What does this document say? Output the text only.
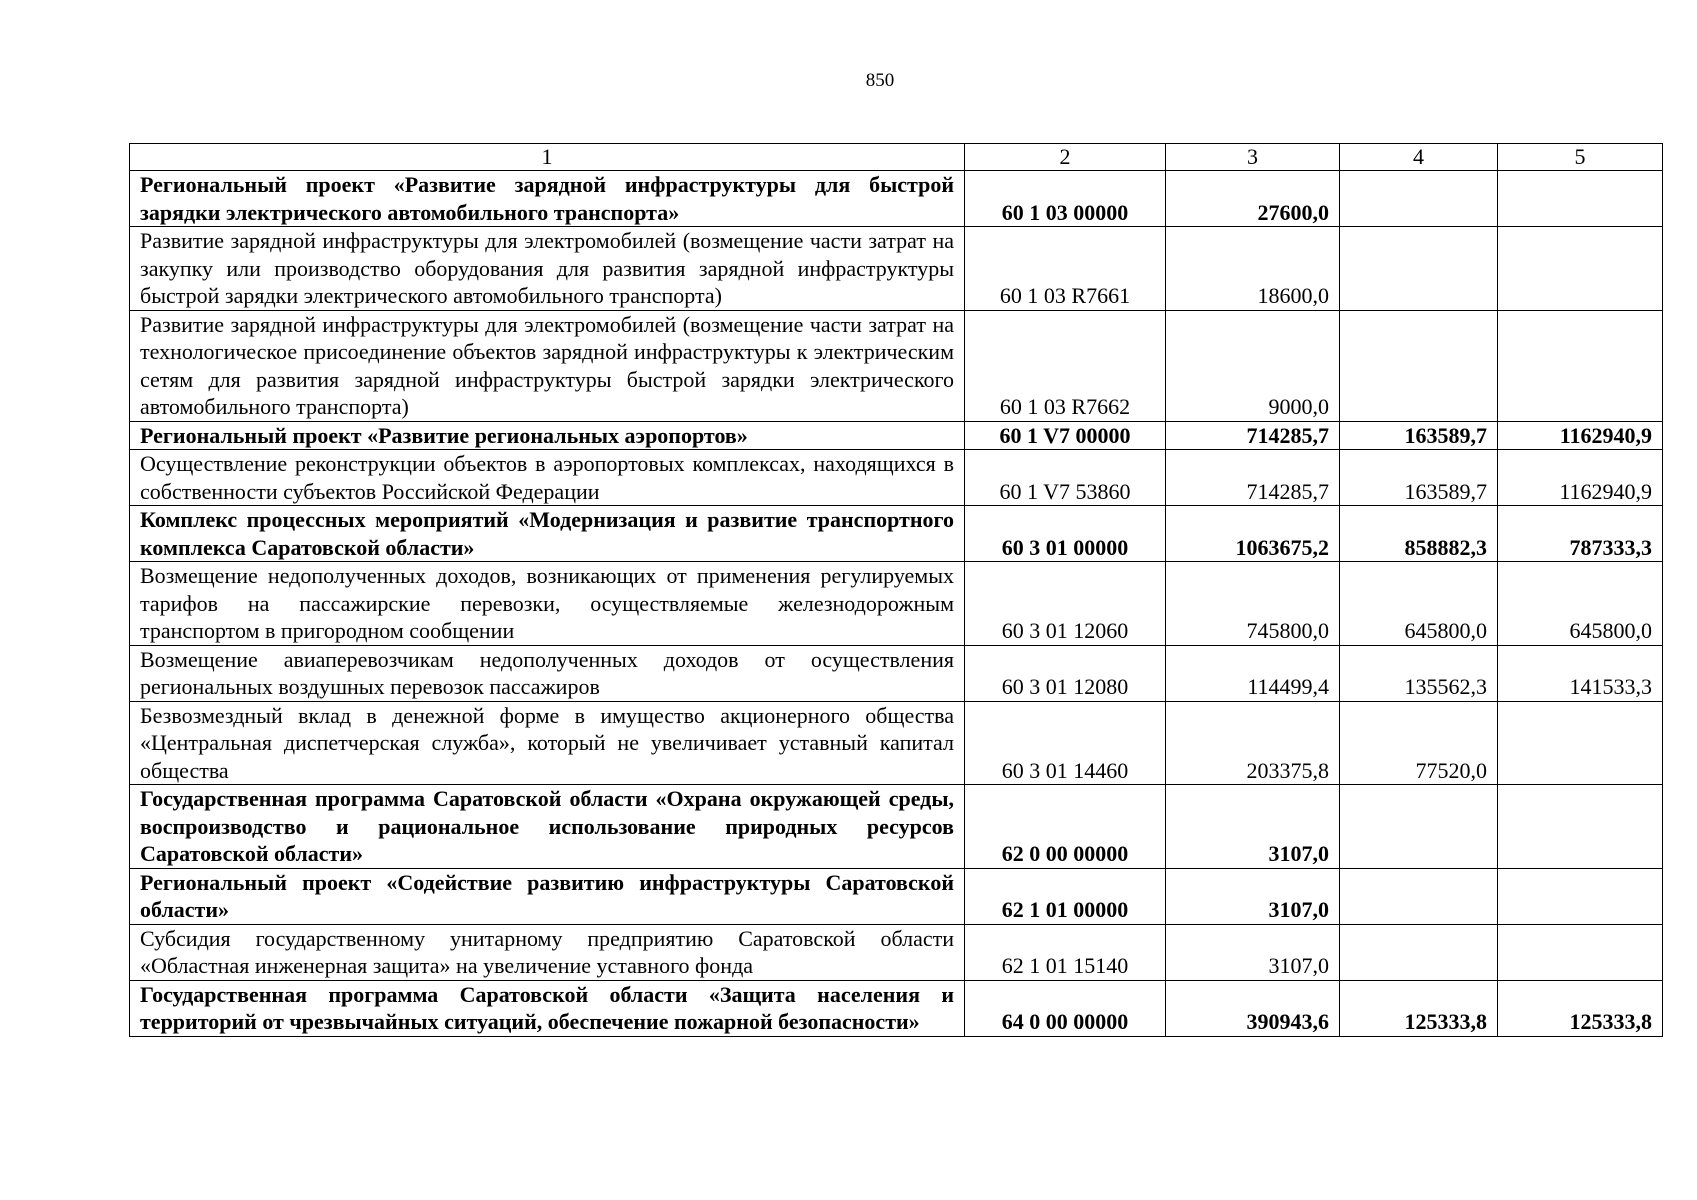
850
1	2	3	4	5
Региональный проект «Развитие зарядной инфраструктуры для быстрой зарядки электрического автомобильного транспорта»	60 1 03 00000	27600,0		
Развитие зарядной инфраструктуры для электромобилей (возмещение части затрат на закупку или производство оборудования для развития зарядной инфраструктуры быстрой зарядки электрического автомобильного транспорта)	60 1 03 R7661	18600,0		
Развитие зарядной инфраструктуры для электромобилей (возмещение части затрат на технологическое присоединение объектов зарядной инфраструктуры к электрическим сетям для развития зарядной инфраструктуры быстрой зарядки электрического автомобильного транспорта)	60 1 03 R7662	9000,0		
Региональный проект «Развитие региональных аэропортов»	60 1 V7 00000	714285,7	163589,7	1162940,9
Осуществление реконструкции объектов в аэропортовых комплексах, находящихся в собственности субъектов Российской Федерации	60 1 V7 53860	714285,7	163589,7	1162940,9
Комплекс процессных мероприятий «Модернизация и развитие транспортного комплекса Саратовской области»	60 3 01 00000	1063675,2	858882,3	787333,3
Возмещение недополученных доходов, возникающих от применения регулируемых тарифов на пассажирские перевозки, осуществляемые железнодорожным транспортом в пригородном сообщении	60 3 01 12060	745800,0	645800,0	645800,0
Возмещение авиаперевозчикам недополученных доходов от осуществления региональных воздушных перевозок пассажиров	60 3 01 12080	114499,4	135562,3	141533,3
Безвозмездный вклад в денежной форме в имущество акционерного общества «Центральная диспетчерская служба», который не увеличивает уставный капитал общества	60 3 01 14460	203375,8	77520,0	
Государственная программа Саратовской области «Охрана окружающей среды, воспроизводство и рациональное использование природных ресурсов Саратовской области»	62 0 00 00000	3107,0		
Региональный проект «Содействие развитию инфраструктуры Саратовской области»	62 1 01 00000	3107,0		
Субсидия государственному унитарному предприятию Саратовской области «Областная инженерная защита» на увеличение уставного фонда	62 1 01 15140	3107,0		
Государственная программа Саратовской области «Защита населения и территорий от чрезвычайных ситуаций, обеспечение пожарной безопасности»	64 0 00 00000	390943,6	125333,8	125333,8
